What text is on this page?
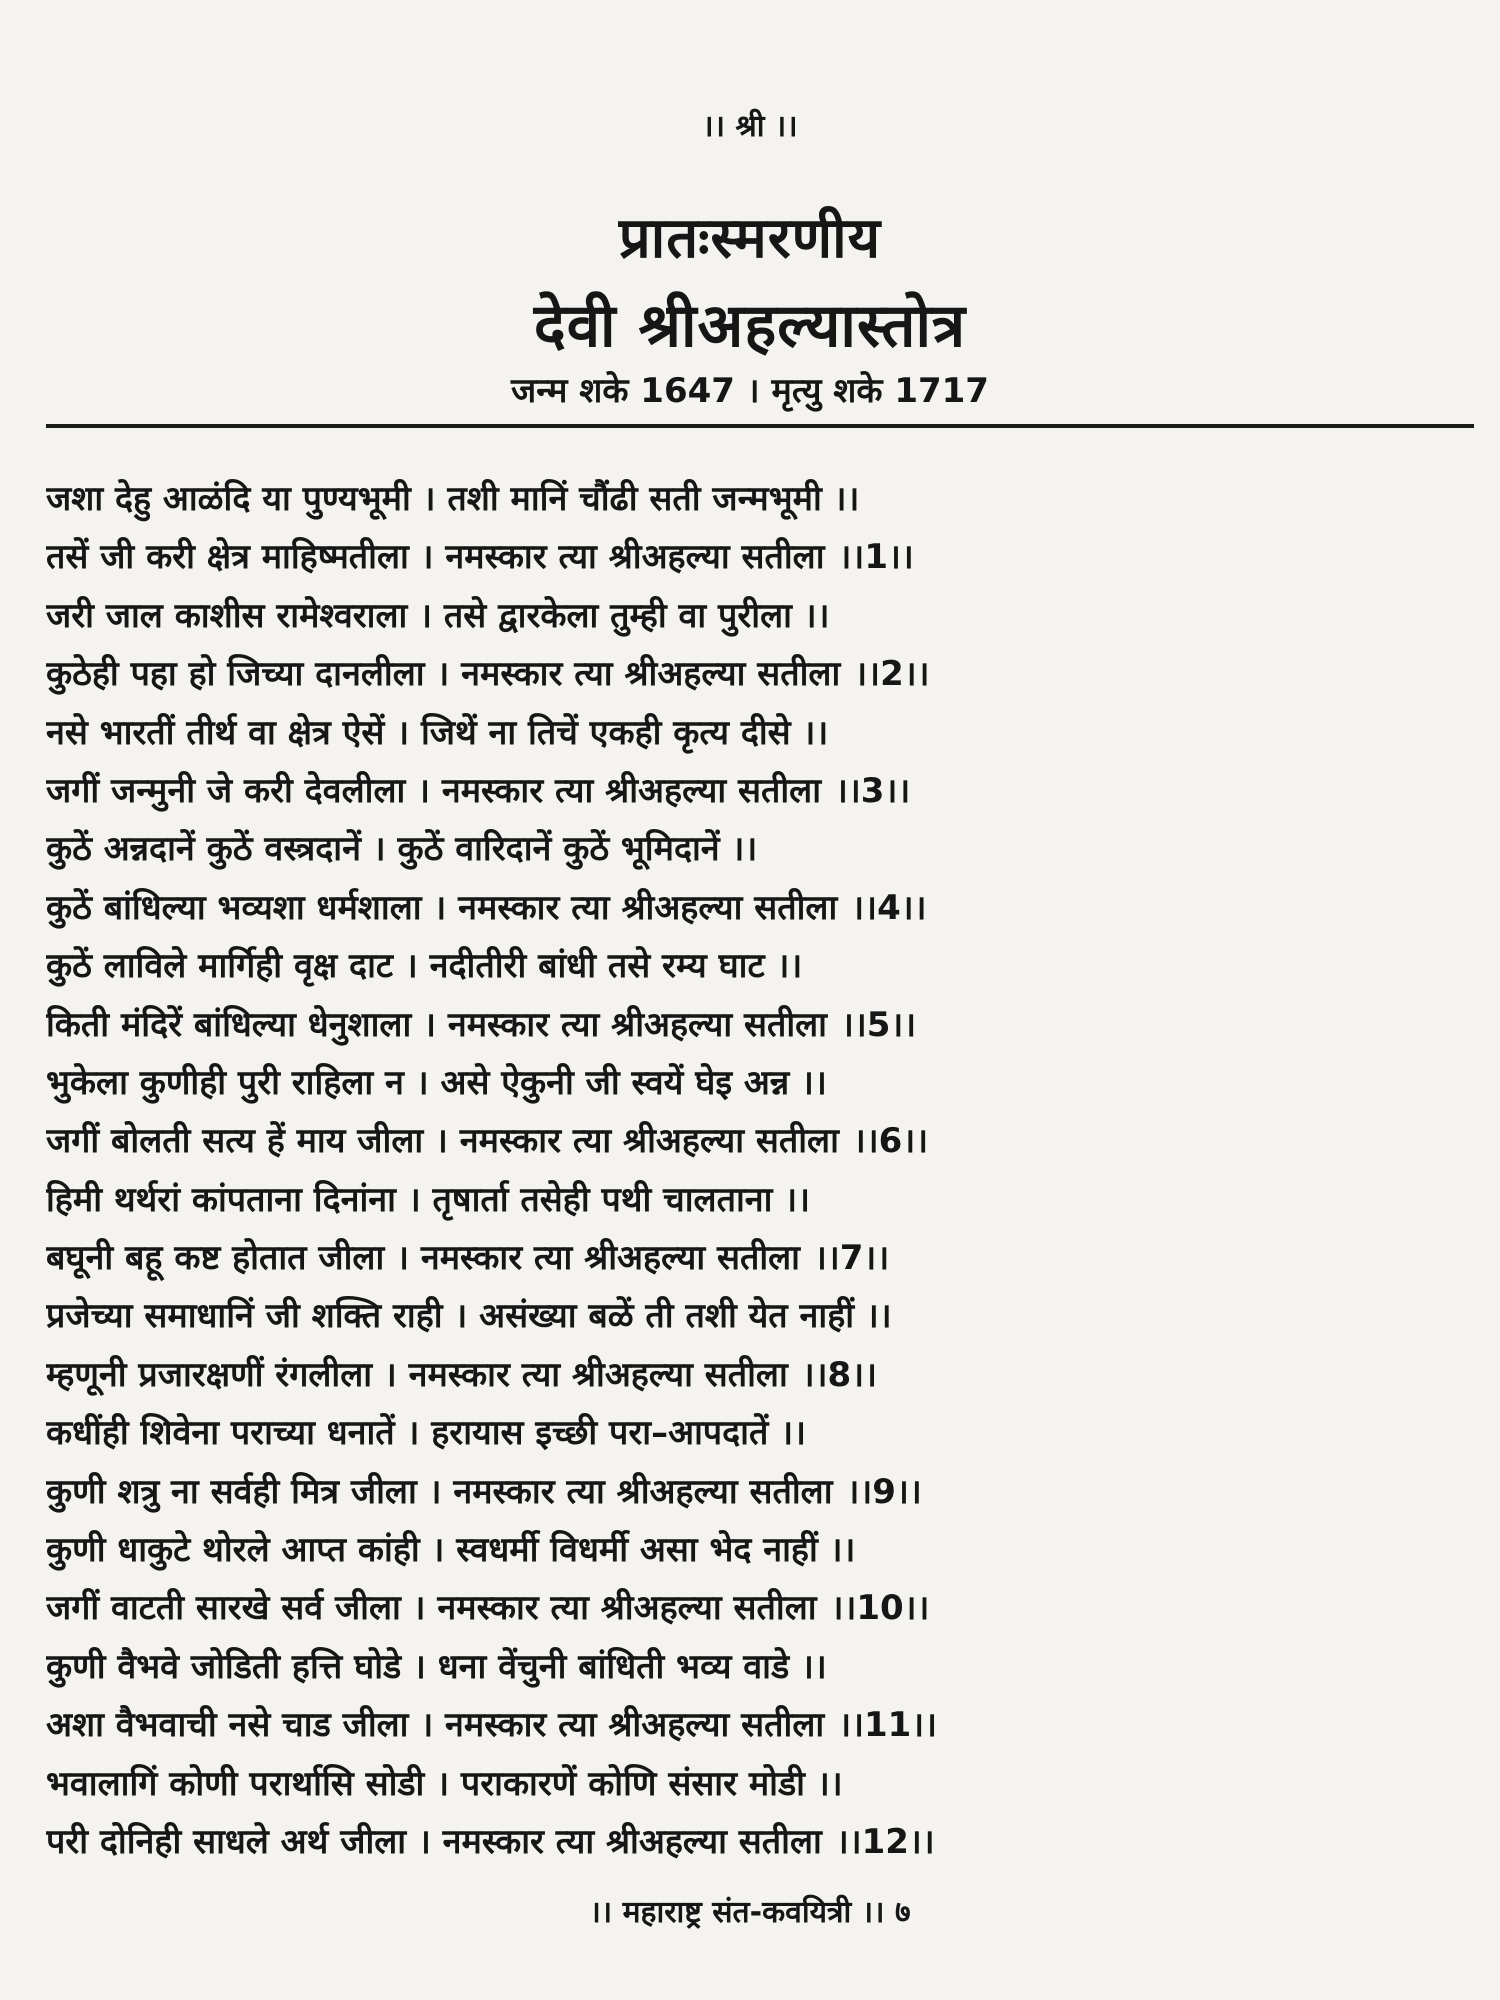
।। श्री ।।
प्रातःस्मरणीय
देवी श्रीअहल्यास्तोत्र
जन्म शके 1647 । मृत्यु शके 1717
जशा देहु आळंदि या पुण्यभूमी । तशी मानिं चौंढी सती जन्मभूमी ।।
तसें जी करी क्षेत्र माहिष्मतीला । नमस्कार त्या श्रीअहल्या सतीला ।।1।।
जरी जाल काशीस रामेश्वराला । तसे द्वारकेला तुम्ही वा पुरीला ।।
कुठेही पहा हो जिच्या दानलीला । नमस्कार त्या श्रीअहल्या सतीला ।।2।।
नसे भारतीं तीर्थ वा क्षेत्र ऐसें । जिथें ना तिचें एकही कृत्य दीसे ।।
जगीं जन्मुनी जे करी देवलीला । नमस्कार त्या श्रीअहल्या सतीला ।।3।।
कुठें अन्नदानें कुठें वस्त्रदानें । कुठें वारिदानें कुठें भूमिदानें ।।
कुठें बांधिल्या भव्यशा धर्मशाला । नमस्कार त्या श्रीअहल्या सतीला ।।4।।
कुठें लाविले मार्गिही वृक्ष दाट । नदीतीरी बांधी तसे रम्य घाट ।।
किती मंदिरें बांधिल्या धेनुशाला । नमस्कार त्या श्रीअहल्या सतीला ।।5।।
भुकेला कुणीही पुरी राहिला न । असे ऐकुनी जी स्वयें घेइ अन्न ।।
जगीं बोलती सत्य हें माय जीला । नमस्कार त्या श्रीअहल्या सतीला ।।6।।
हिमी थर्थरां कांपताना दिनांना । तृषार्ता तसेही पथी चालताना ।।
बघूनी बहू कष्ट होतात जीला । नमस्कार त्या श्रीअहल्या सतीला ।।7।।
प्रजेच्या समाधानिं जी शक्ति राही । असंख्या बळें ती तशी येत नाहीं ।।
म्हणूनी प्रजारक्षणीं रंगलीला । नमस्कार त्या श्रीअहल्या सतीला ।।8।।
कधींही शिवेना पराच्या धनातें । हरायास इच्छी परा–आपदातें ।।
कुणी शत्रु ना सर्वही मित्र जीला । नमस्कार त्या श्रीअहल्या सतीला ।।9।।
कुणी धाकुटे थोरले आप्त कांही । स्वधर्मी विधर्मी असा भेद नाहीं ।।
जगीं वाटती सारखे सर्व जीला । नमस्कार त्या श्रीअहल्या सतीला ।।10।।
कुणी वैभवे जोडिती हत्ति घोडे । धना वेंचुनी बांधिती भव्य वाडे ।।
अशा वैभवाची नसे चाड जीला । नमस्कार त्या श्रीअहल्या सतीला ।।11।।
भवालागिं कोणी परार्थासि सोडी । पराकारणें कोणि संसार मोडी ।।
परी दोनिही साधले अर्थ जीला । नमस्कार त्या श्रीअहल्या सतीला ।।12।।
।। महाराष्ट्र संत-कवयित्री ।। ७
